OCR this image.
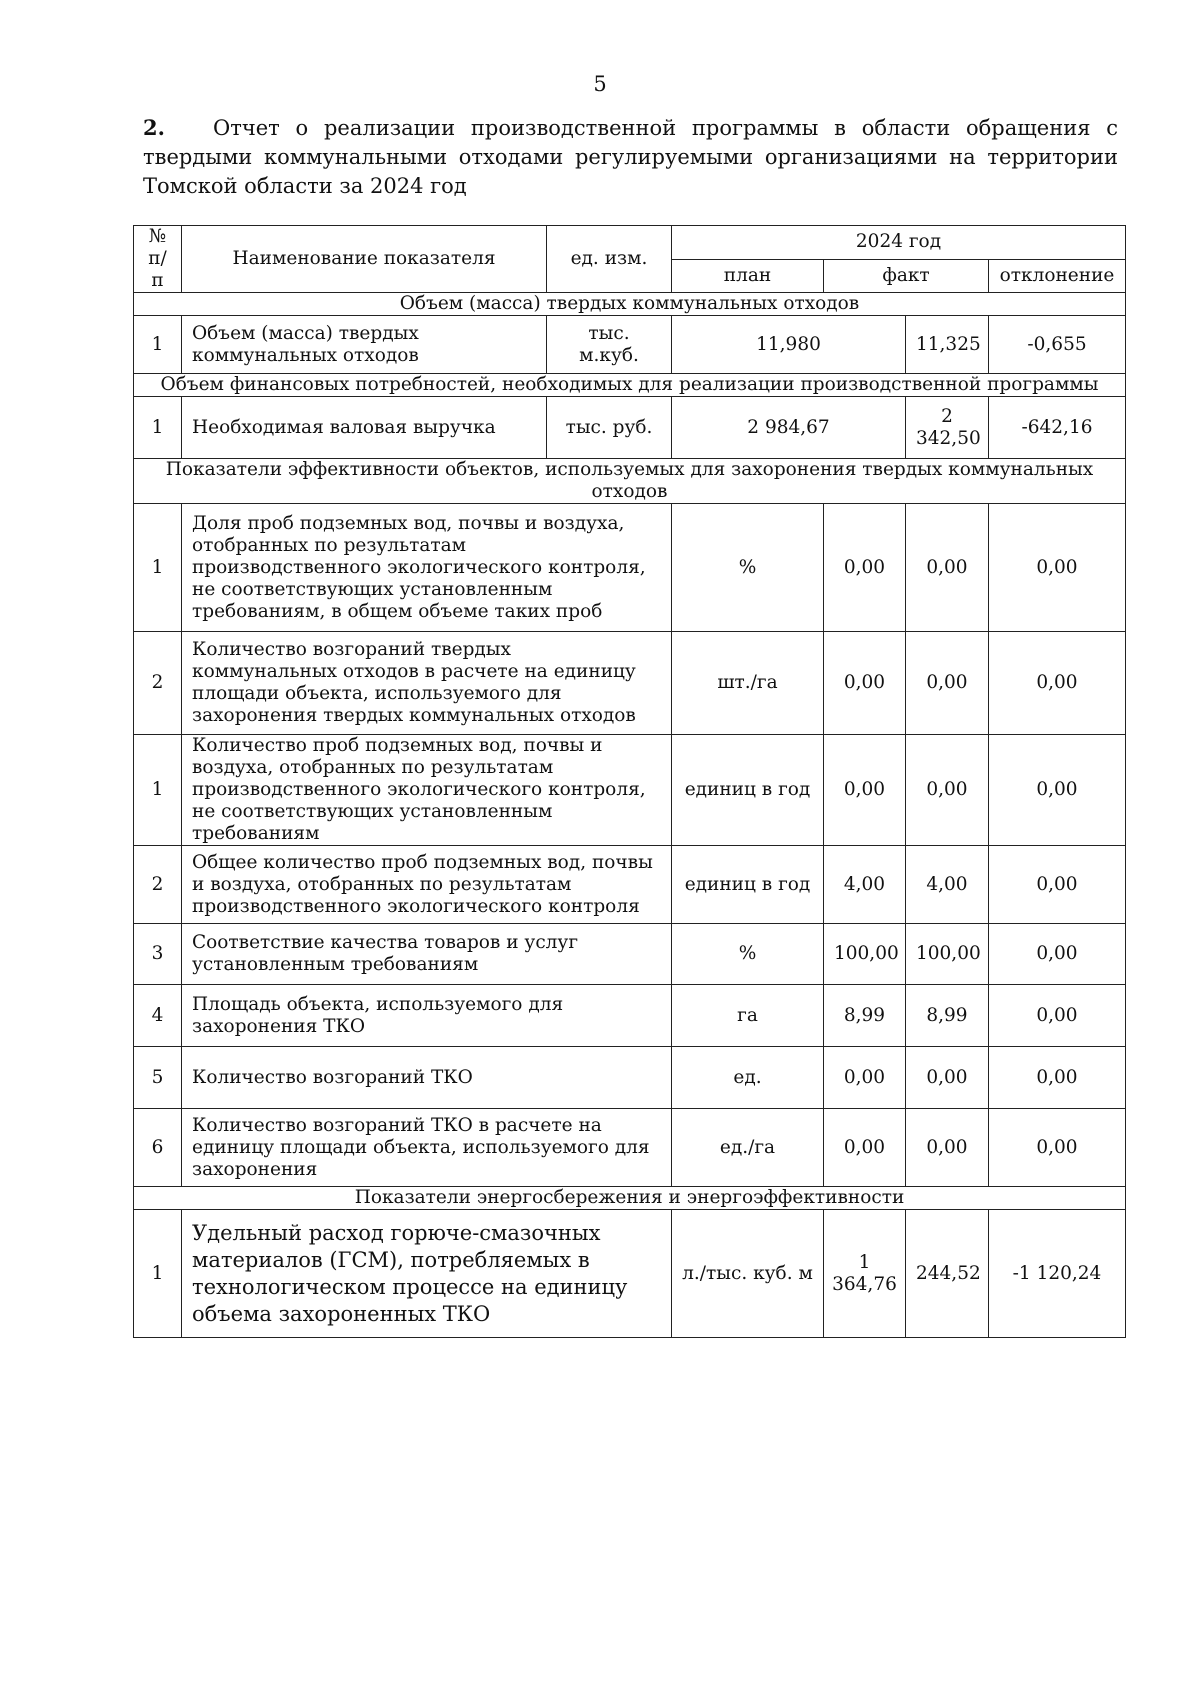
5
2. Отчет о реализации производственной программы в области обращения с твердыми коммунальными отходами регулируемыми организациями на территории Томской области за 2024 год
№ п/п	Наименование показателя	ед. изм.	2024 год			
			план	факт		отклонение
Объем (масса) твердых коммунальных отходов						
1	Объем (масса) твердых коммунальных отходов	тыс. м.куб.	11,980		11,325	-0,655
Объем финансовых потребностей, необходимых для реализации производственной программы						
1	Необходимая валовая выручка	тыс. руб.	2 984,67		2 342,50	-642,16
Показатели эффективности объектов, используемых для захоронения твердых коммунальных отходов						
1	Доля проб подземных вод, почвы и воздуха, отобранных по результатам производственного экологического контроля, не соответствующих установленным требованиям, в общем объеме таких проб		%	0,00	0,00	0,00
2	Количество возгораний твердых коммунальных отходов в расчете на единицу площади объекта, используемого для захоронения твердых коммунальных отходов		шт./га	0,00	0,00	0,00
1	Количество проб подземных вод, почвы и воздуха, отобранных по результатам производственного экологического контроля, не соответствующих установленным требованиям		единиц в год	0,00	0,00	0,00
2	Общее количество проб подземных вод, почвы и воздуха, отобранных по результатам производственного экологического контроля		единиц в год	4,00	4,00	0,00
3	Соответствие качества товаров и услуг установленным требованиям		%	100,00	100,00	0,00
4	Площадь объекта, используемого для захоронения ТКО		га	8,99	8,99	0,00
5	Количество возгораний ТКО		ед.	0,00	0,00	0,00
6	Количество возгораний ТКО в расчете на единицу площади объекта, используемого для захоронения		ед./га	0,00	0,00	0,00
Показатели энергосбережения и энергоэффективности						
1	Удельный расход горюче-смазочных материалов (ГСМ), потребляемых в технологическом процессе на единицу объема захороненных ТКО		л./тыс. куб. м	1 364,76	244,52	-1 120,24
